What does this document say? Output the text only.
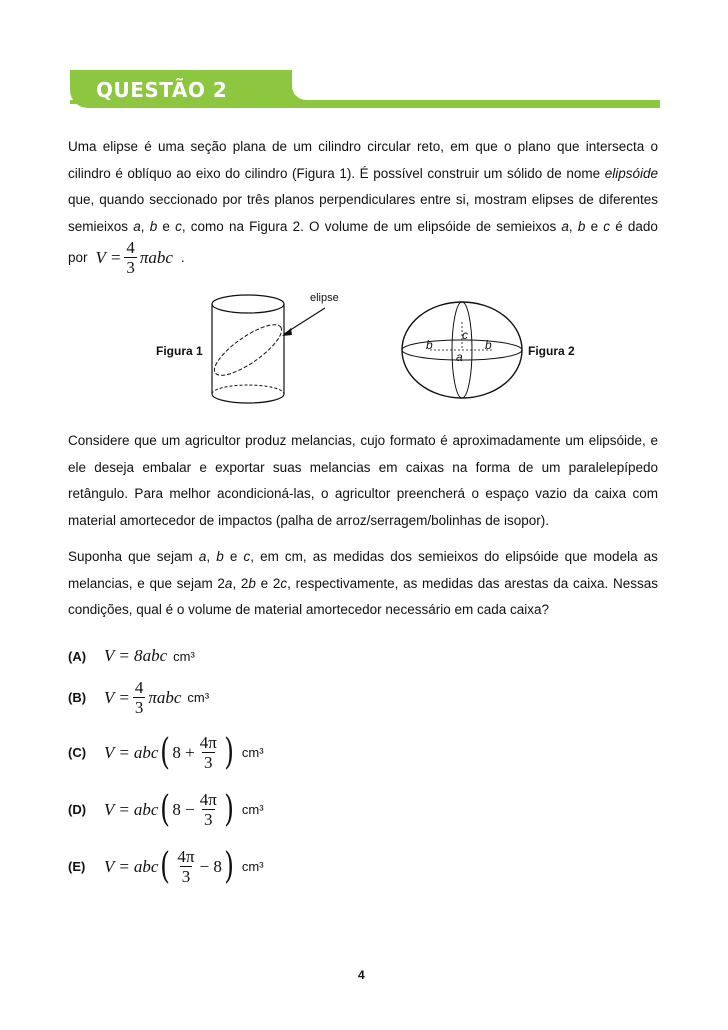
QUESTÃO 2
Uma elipse é uma seção plana de um cilindro circular reto, em que o plano que intersecta o
cilindro é oblíquo ao eixo do cilindro (Figura 1). É possível construir um sólido de nome elipsóide
que, quando seccionado por três planos perpendiculares entre si, mostram elipses de diferentes
semieixos a, b e c, como na Figura 2. O volume de um elipsóide de semieixos a, b e c é dado
por $V = \frac{4}{3}$ πabc .
elipse
Figura 1	b
c
b
a	Figura 2
Considere que um agricultor produz melancias, cujo formato é aproximadamente um elipsóide, e
ele deseja embalar e exportar suas melancias em caixas na forma de um paralelepípedo
retângulo. Para melhor acondicioná-las, o agricultor preencherá o espaço vazio da caixa com
material amortecedor de impactos (palha de arroz/serragem/bolinhas de isopor).
Suponha que sejam a, b e c, em cm, as medidas dos semieixos do elipsóide que modela as
melancias, e que sejam 2a, 2b e 2c, respectivamente, as medidas das arestas da caixa. Nessas
condições, qual é o volume de material amortecedor necessário em cada caixa?
(A)	V = 8 abc cm³
(B)	$V = \frac{4}{3}$ πabc cm³
(C)	V = abc ( $8 + \frac{4\pi}{3}$ ) cm³
(D)	V = abc ( $8 - \frac{4\pi}{3}$ ) cm³
(E)	V = abc ( $\frac{4\pi}{3} - 8$ ) cm³
4
